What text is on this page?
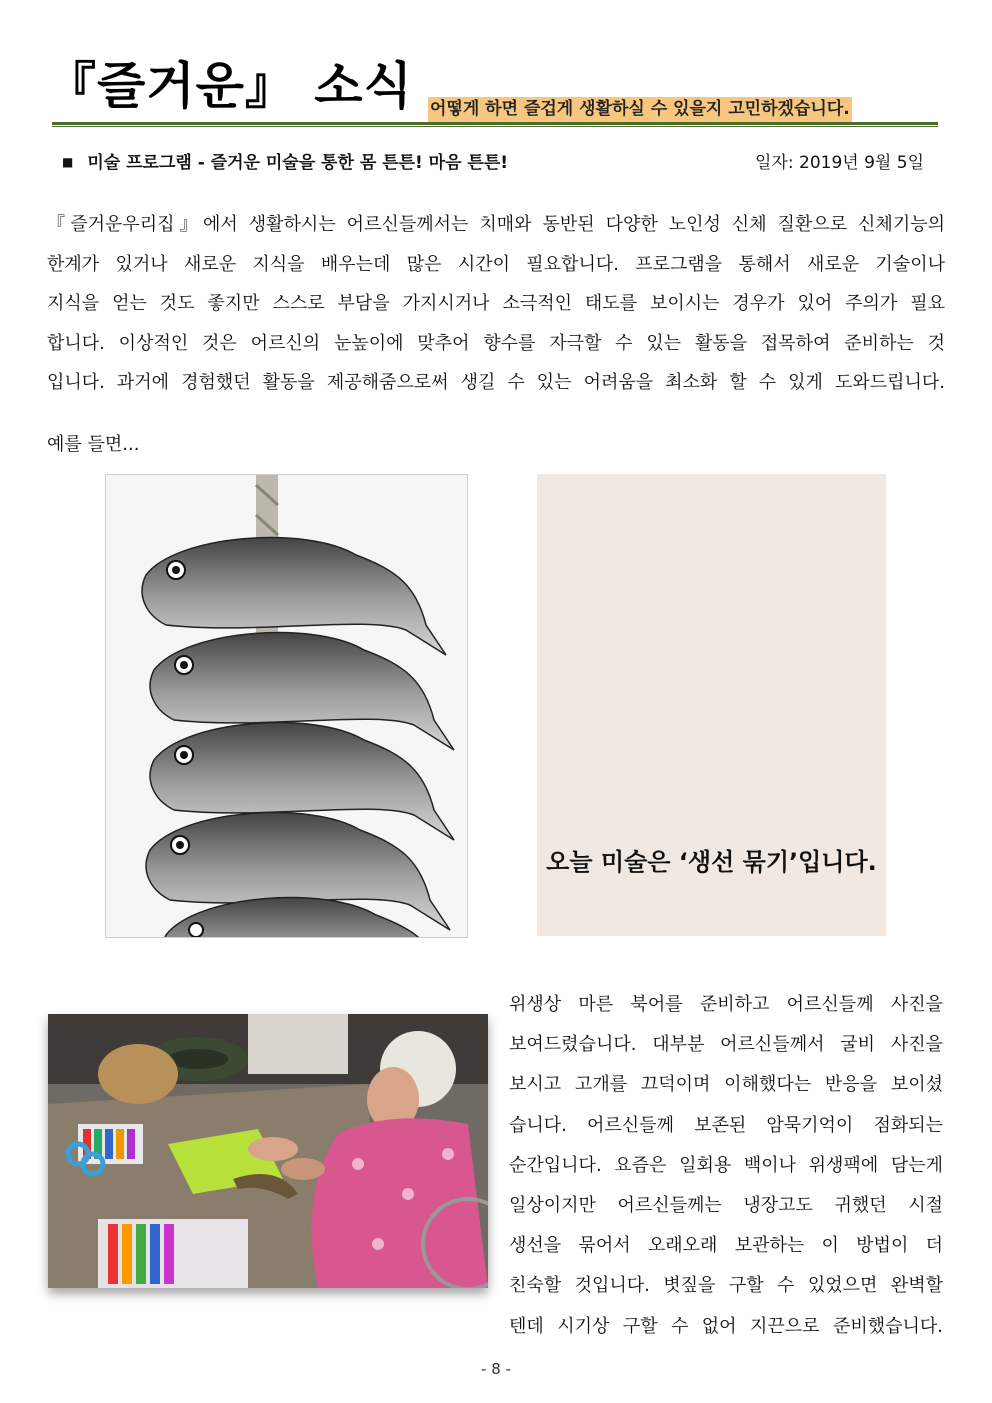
『즐거운』 소식 어떻게 하면 즐겁게 생활하실 수 있을지 고민하겠습니다.
■ 미술 프로그램 - 즐거운 미술을 통한 몸 튼튼! 마음 튼튼!	일자: 2019년 9월 5일
『즐거운우리집』에서 생활하시는 어르신들께서는 치매와 동반된 다양한 노인성 신체 질환으로 신체기능의
한계가 있거나 새로운 지식을 배우는데 많은 시간이 필요합니다. 프로그램을 통해서 새로운 기술이나
지식을 얻는 것도 좋지만 스스로 부담을 가지시거나 소극적인 태도를 보이시는 경우가 있어 주의가 필요
합니다. 이상적인 것은 어르신의 눈높이에 맞추어 향수를 자극할 수 있는 활동을 접목하여 준비하는 것
입니다. 과거에 경험했던 활동을 제공해줌으로써 생길 수 있는 어려움을 최소화 할 수 있게 도와드립니다.
예를 들면...
오늘 미술은 ‘생선 묶기’입니다.
위생상 마른 북어를 준비하고 어르신들께 사진을
보여드렸습니다. 대부분 어르신들께서 굴비 사진을
보시고 고개를 끄덕이며 이해했다는 반응을 보이셨
습니다. 어르신들께 보존된 암묵기억이 점화되는
순간입니다. 요즘은 일회용 백이나 위생팩에 담는게
일상이지만 어르신들께는 냉장고도 귀했던 시절
생선을 묶어서 오래오래 보관하는 이 방법이 더
친숙할 것입니다. 볏짚을 구할 수 있었으면 완벽할
텐데 시기상 구할 수 없어 지끈으로 준비했습니다.
- 8 -
